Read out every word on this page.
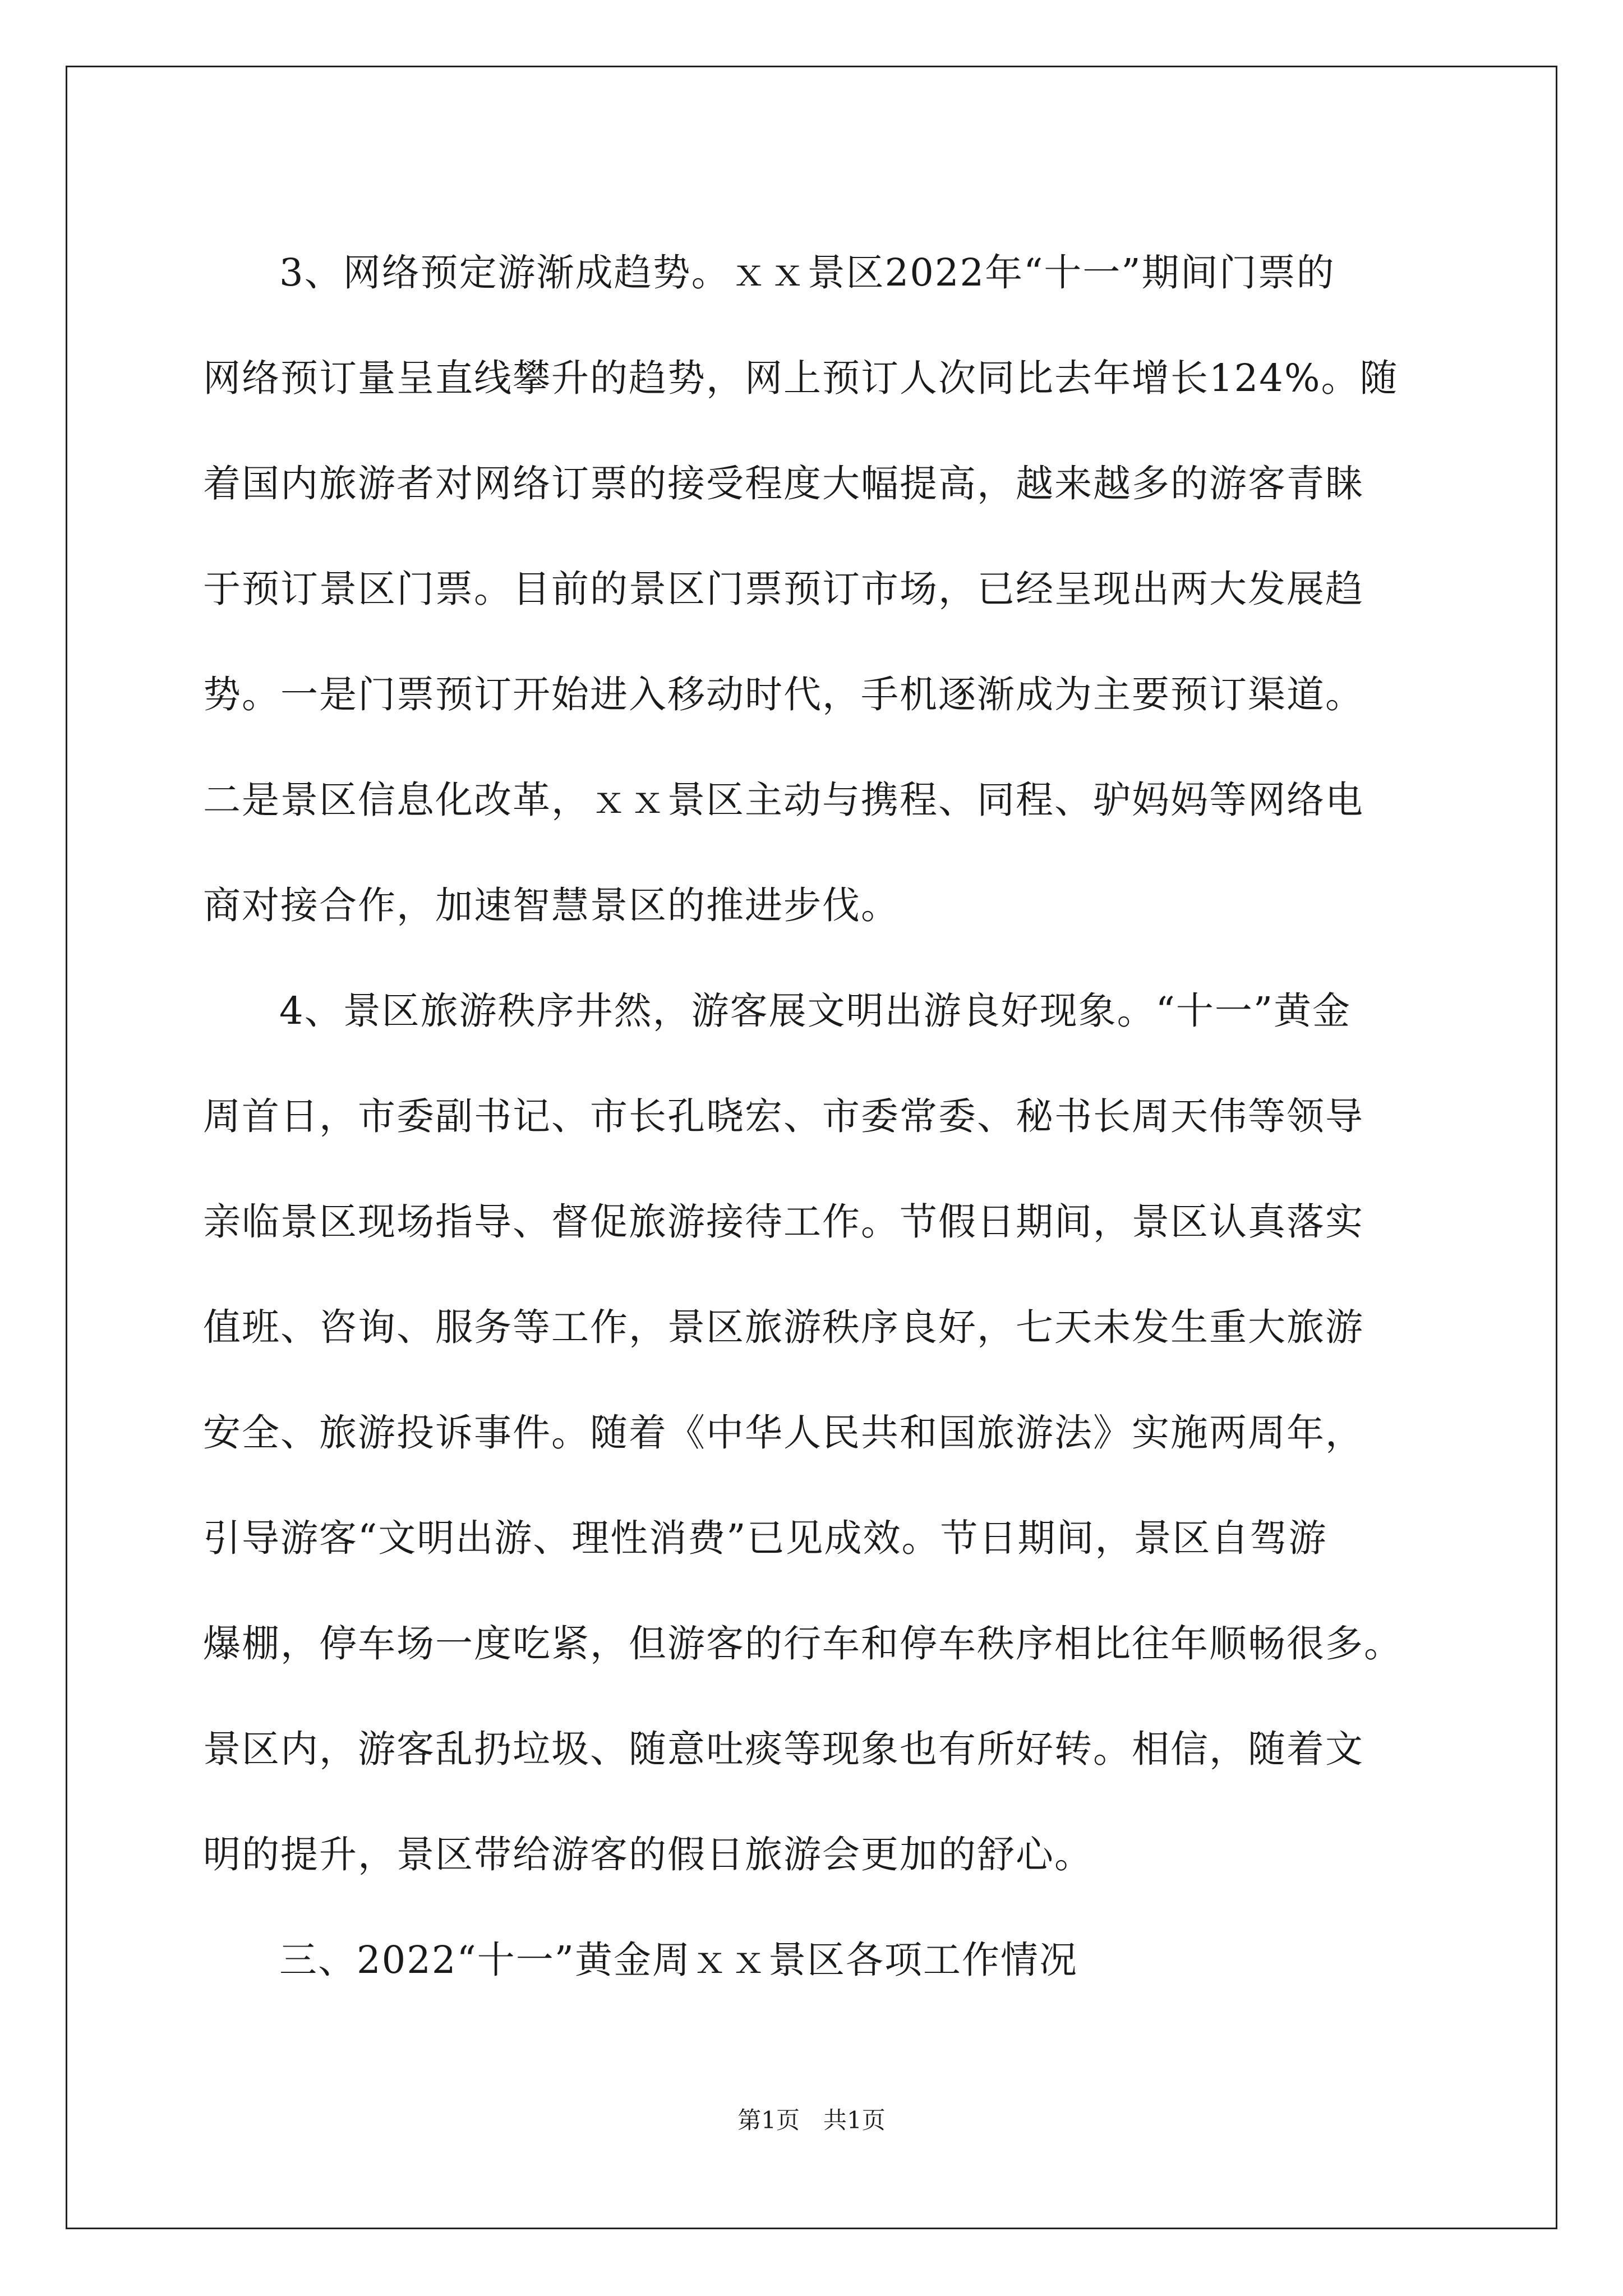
3、网络预定游渐成趋势。ｘｘ景区2022年“十一”期间门票的
网络预订量呈直线攀升的趋势，网上预订人次同比去年增长124%。随
着国内旅游者对网络订票的接受程度大幅提高，越来越多的游客青睐
于预订景区门票。目前的景区门票预订市场，已经呈现出两大发展趋
势。一是门票预订开始进入移动时代，手机逐渐成为主要预订渠道。
二是景区信息化改革，ｘｘ景区主动与携程、同程、驴妈妈等网络电
商对接合作，加速智慧景区的推进步伐。
4、景区旅游秩序井然，游客展文明出游良好现象。“十一”黄金
周首日，市委副书记、市长孔晓宏、市委常委、秘书长周天伟等领导
亲临景区现场指导、督促旅游接待工作。节假日期间，景区认真落实
值班、咨询、服务等工作，景区旅游秩序良好，七天未发生重大旅游
安全、旅游投诉事件。随着《中华人民共和国旅游法》实施两周年，
引导游客“文明出游、理性消费”已见成效。节日期间，景区自驾游
爆棚，停车场一度吃紧，但游客的行车和停车秩序相比往年顺畅很多。
景区内，游客乱扔垃圾、随意吐痰等现象也有所好转。相信，随着文
明的提升，景区带给游客的假日旅游会更加的舒心。

三、2022“十一”黄金周ｘｘ景区各项工作情况

第1页　共1页
